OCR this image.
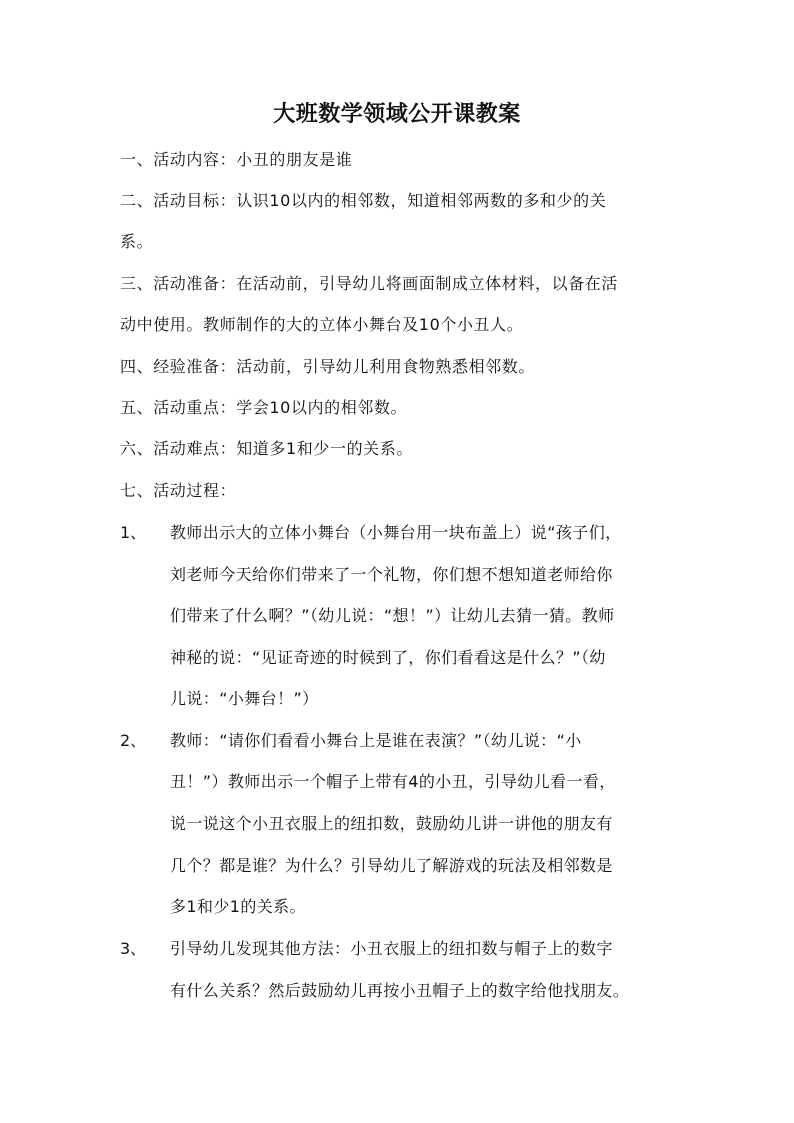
大班数学领域公开课教案
一、活动内容：小丑的朋友是谁
二、活动目标：认识10以内的相邻数，知道相邻两数的多和少的关
系。
三、活动准备：在活动前，引导幼儿将画面制成立体材料，以备在活
动中使用。教师制作的大的立体小舞台及10个小丑人。
四、经验准备：活动前，引导幼儿利用食物熟悉相邻数。
五、活动重点：学会10以内的相邻数。
六、活动难点：知道多1和少一的关系。
七、活动过程：
1、 教师出示大的立体小舞台（小舞台用一块布盖上）说“孩子们，
刘老师今天给你们带来了一个礼物，你们想不想知道老师给你
们带来了什么啊？”（幼儿说：“想！”）让幼儿去猜一猜。教师
神秘的说：“见证奇迹的时候到了，你们看看这是什么？”（幼
儿说：“小舞台！”）
2、 教师：“请你们看看小舞台上是谁在表演？”（幼儿说：“小
丑！”）教师出示一个帽子上带有4的小丑，引导幼儿看一看，
说一说这个小丑衣服上的纽扣数，鼓励幼儿讲一讲他的朋友有
几个？都是谁？为什么？引导幼儿了解游戏的玩法及相邻数是
多1和少1的关系。
3、 引导幼儿发现其他方法：小丑衣服上的纽扣数与帽子上的数字
有什么关系？然后鼓励幼儿再按小丑帽子上的数字给他找朋友。
